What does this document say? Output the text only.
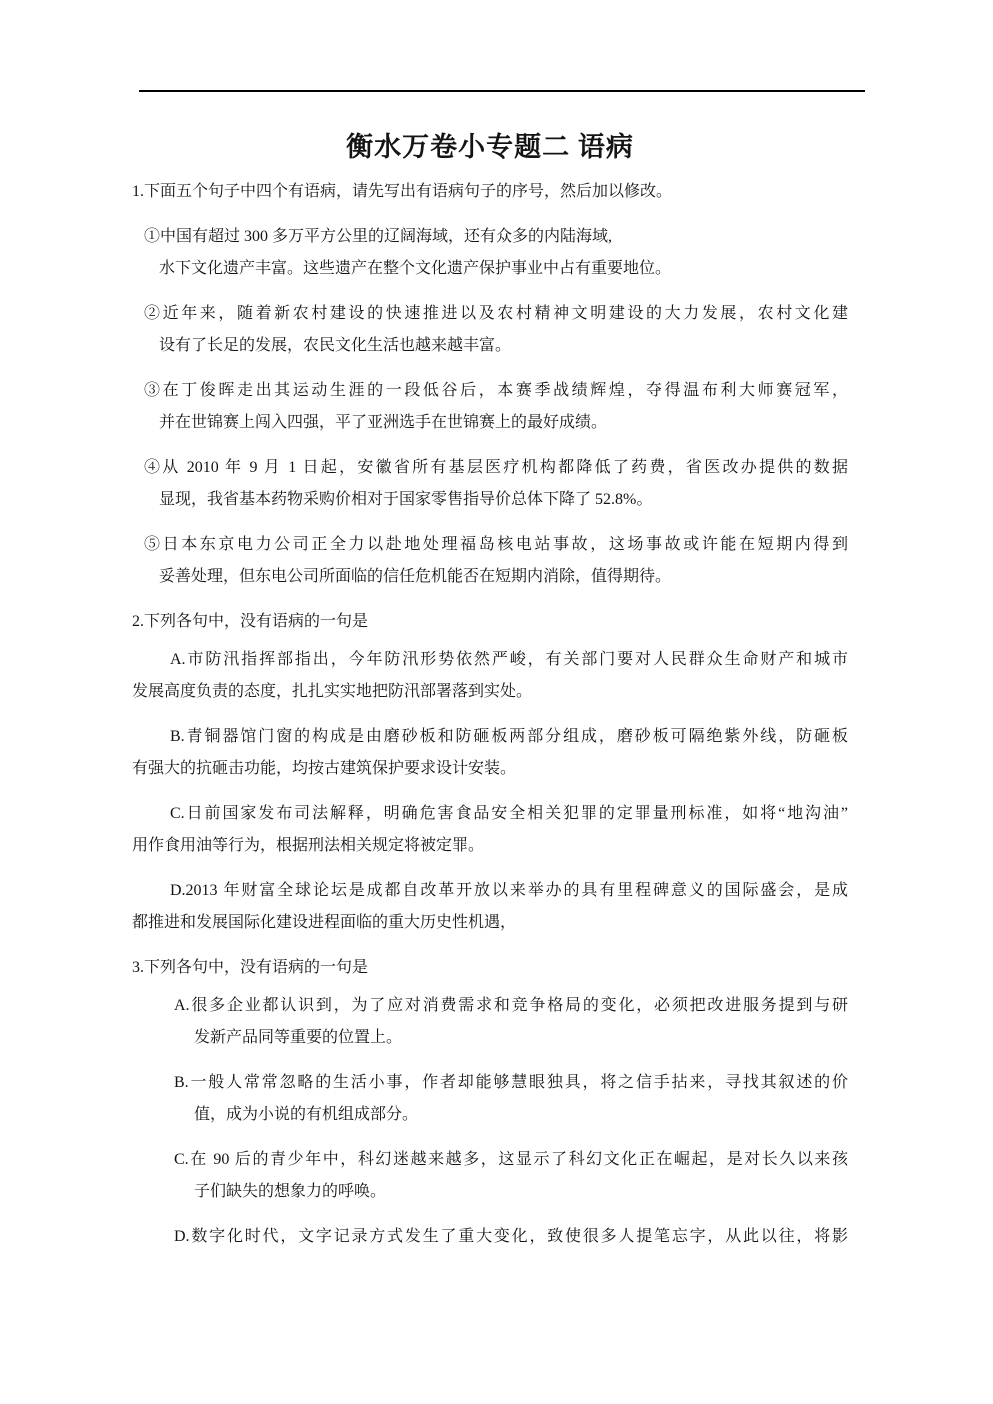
衡水万卷小专题二 语病
1.下面五个句子中四个有语病，请先写出有语病句子的序号，然后加以修改。
①中国有超过 300 多万平方公里的辽阔海域，还有众多的内陆海域,
水下文化遗产丰富。这些遗产在整个文化遗产保护事业中占有重要地位。
②近年来，随着新农村建设的快速推进以及农村精神文明建设的大力发展，农村文化建
设有了长足的发展，农民文化生活也越来越丰富。
③在丁俊晖走出其运动生涯的一段低谷后，本赛季战绩辉煌，夺得温布利大师赛冠军，
并在世锦赛上闯入四强，平了亚洲选手在世锦赛上的最好成绩。
④从 2010 年 9 月 1 日起，安徽省所有基层医疗机构都降低了药费，省医改办提供的数据
显现，我省基本药物采购价相对于国家零售指导价总体下降了 52.8%。
⑤日本东京电力公司正全力以赴地处理福岛核电站事故，这场事故或许能在短期内得到
妥善处理，但东电公司所面临的信任危机能否在短期内消除，值得期待。
2.下列各句中，没有语病的一句是
A.市防汛指挥部指出，今年防汛形势依然严峻，有关部门要对人民群众生命财产和城市
发展高度负责的态度，扎扎实实地把防汛部署落到实处。
B.青铜器馆门窗的构成是由磨砂板和防砸板两部分组成，磨砂板可隔绝紫外线，防砸板
有强大的抗砸击功能，均按古建筑保护要求设计安装。
C.日前国家发布司法解释，明确危害食品安全相关犯罪的定罪量刑标准，如将“地沟油”
用作食用油等行为，根据刑法相关规定将被定罪。
D.2013 年财富全球论坛是成都自改革开放以来举办的具有里程碑意义的国际盛会，是成
都推进和发展国际化建设进程面临的重大历史性机遇，
3.下列各句中，没有语病的一句是
A.很多企业都认识到，为了应对消费需求和竞争格局的变化，必须把改进服务提到与研
发新产品同等重要的位置上。
B.一般人常常忽略的生活小事，作者却能够慧眼独具，将之信手拈来，寻找其叙述的价
值，成为小说的有机组成部分。
C.在 90 后的青少年中，科幻迷越来越多，这显示了科幻文化正在崛起，是对长久以来孩
子们缺失的想象力的呼唤。
D.数字化时代，文字记录方式发生了重大变化，致使很多人提笔忘字，从此以往，将影
